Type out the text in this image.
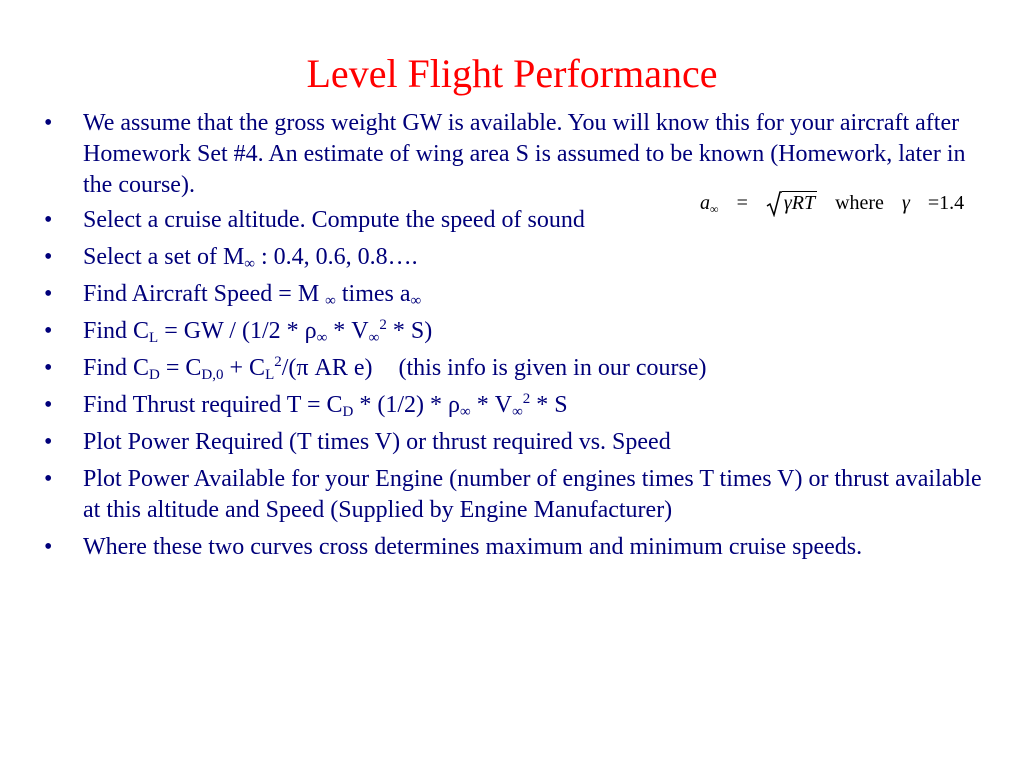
Level Flight Performance
• We assume that the gross weight GW is available. You will know this for your aircraft after Homework Set #4. An estimate of wing area S is assumed to be known (Homework, later in the course).
• Select a cruise altitude. Compute the speed of sound
• Select a set of $M_\infty$ : 0.4, 0.6, 0.8….
• Find Aircraft Speed = M $_\infty$ times $a_\infty$
• Find $C_L$ = GW / $(1/2 * \rho_\infty * V_\infty^2 * S)$
• Find $C_D = C_{D,0} + C_L^2/(\pi$ AR e) (this info is given in our course)
• Find Thrust required $T = C_D * (1/2) * \rho_\infty * V_\infty^2 * S$
• Plot Power Required (T times V) or thrust required vs. Speed
• Plot Power Available for your Engine (number of engines times T times V) or thrust available at this altitude and Speed (Supplied by Engine Manufacturer)
• Where these two curves cross determines maximum and minimum cruise speeds.
$a_\infty = \gamma RT$ where γ =1.4
